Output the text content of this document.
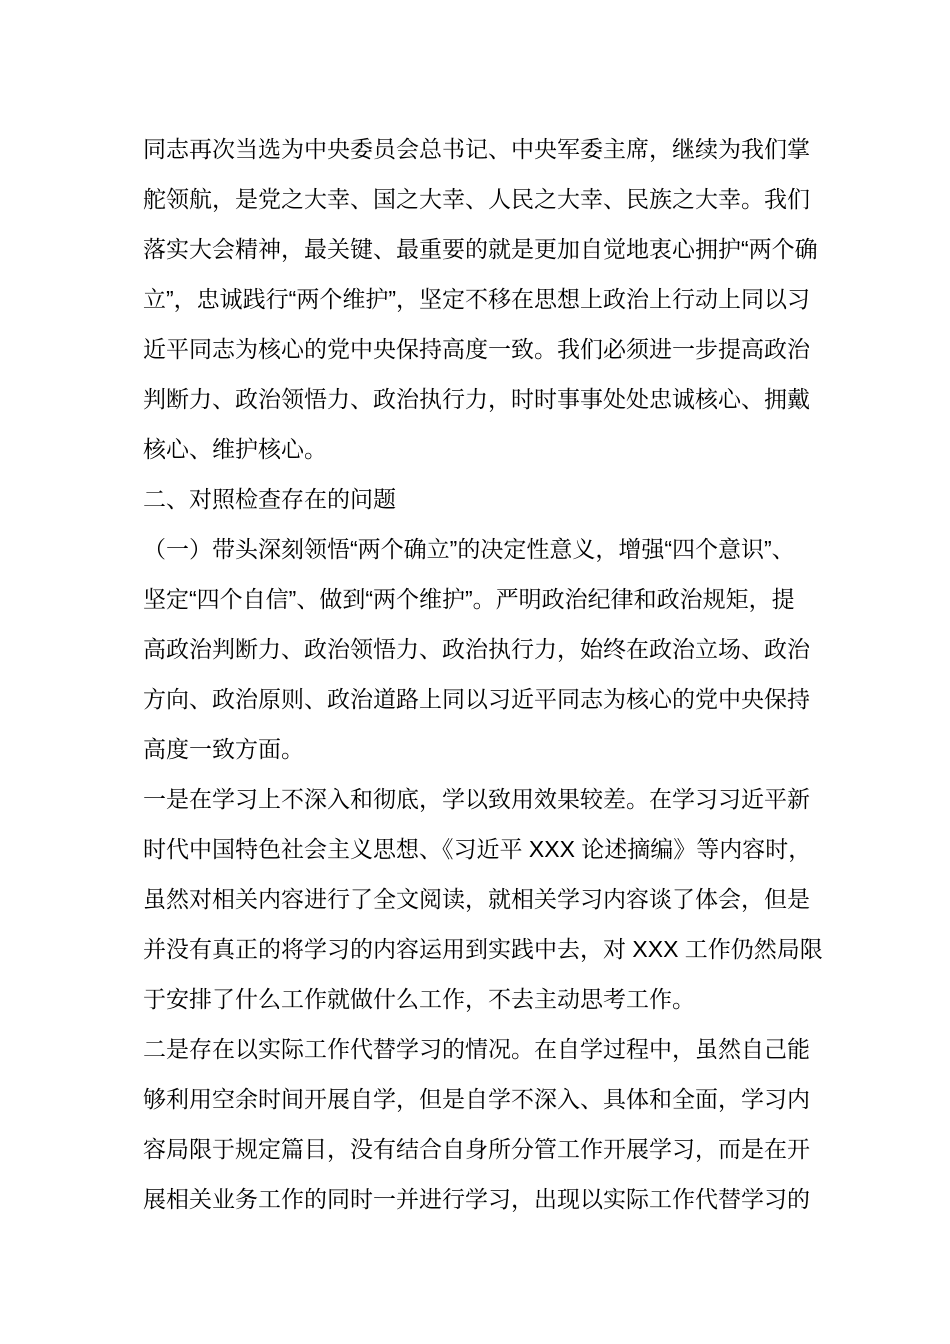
同志再次当选为中央委员会总书记、中央军委主席，继续为我们掌
舵领航，是党之大幸、国之大幸、人民之大幸、民族之大幸。我们
落实大会精神，最关键、最重要的就是更加自觉地衷心拥护“两个确
立”，忠诚践行“两个维护”，坚定不移在思想上政治上行动上同以习
近平同志为核心的党中央保持高度一致。我们必须进一步提高政治
判断力、政治领悟力、政治执行力，时时事事处处忠诚核心、拥戴
核心、维护核心。
二、对照检查存在的问题
（一）带头深刻领悟“两个确立”的决定性意义，增强“四个意识”、
坚定“四个自信”、做到“两个维护”。严明政治纪律和政治规矩，提
高政治判断力、政治领悟力、政治执行力，始终在政治立场、政治
方向、政治原则、政治道路上同以习近平同志为核心的党中央保持
高度一致方面。
一是在学习上不深入和彻底，学以致用效果较差。在学习习近平新
时代中国特色社会主义思想、《习近平 XXX 论述摘编》等内容时，
虽然对相关内容进行了全文阅读，就相关学习内容谈了体会，但是
并没有真正的将学习的内容运用到实践中去，对 XXX 工作仍然局限
于安排了什么工作就做什么工作，不去主动思考工作。
二是存在以实际工作代替学习的情况。在自学过程中，虽然自己能
够利用空余时间开展自学，但是自学不深入、具体和全面，学习内
容局限于规定篇目，没有结合自身所分管工作开展学习，而是在开
展相关业务工作的同时一并进行学习，出现以实际工作代替学习的
